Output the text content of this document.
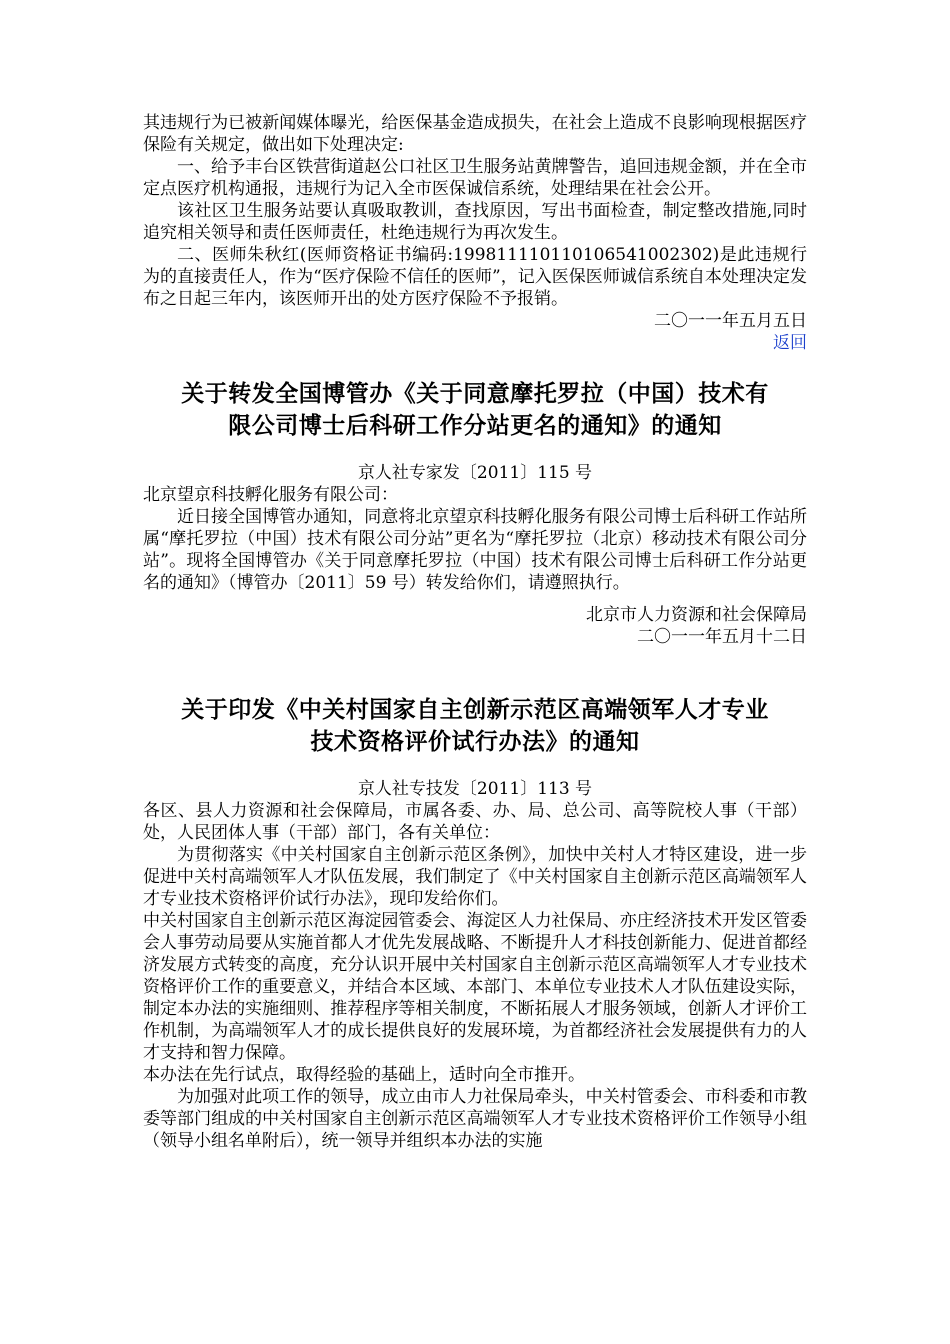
其违规行为已被新闻媒体曝光，给医保基金造成损失，在社会上造成不良影响现根据医疗保险有关规定，做出如下处理决定:

一、给予丰台区铁营街道赵公口社区卫生服务站黄牌警告，追回违规金额，并在全市定点医疗机构通报，违规行为记入全市医保诚信系统，处理结果在社会公开。

该社区卫生服务站要认真吸取教训，查找原因，写出书面检查，制定整改措施,同时追究相关领导和责任医师责任，杜绝违规行为再次发生。

二、医师朱秋红(医师资格证书编码:199811110110106541002302)是此违规行为的直接责任人，作为“医疗保险不信任的医师”，记入医保医师诚信系统自本处理决定发布之日起三年内，该医师开出的处方医疗保险不予报销。

二〇一一年五月五日

返回

关于转发全国博管办《关于同意摩托罗拉（中国）技术有
限公司博士后科研工作分站更名的通知》的通知

京人社专家发〔2011〕115 号

北京望京科技孵化服务有限公司：

近日接全国博管办通知，同意将北京望京科技孵化服务有限公司博士后科研工作站所属“摩托罗拉（中国）技术有限公司分站”更名为“摩托罗拉（北京）移动技术有限公司分站”。现将全国博管办《关于同意摩托罗拉（中国）技术有限公司博士后科研工作分站更名的通知》（博管办〔2011〕59 号）转发给你们，请遵照执行。

北京市人力资源和社会保障局

二〇一一年五月十二日

关于印发《中关村国家自主创新示范区高端领军人才专业
技术资格评价试行办法》的通知

京人社专技发〔2011〕113 号

各区、县人力资源和社会保障局，市属各委、办、局、总公司、高等院校人事（干部）处，人民团体人事（干部）部门，各有关单位：

为贯彻落实《中关村国家自主创新示范区条例》，加快中关村人才特区建设，进一步促进中关村高端领军人才队伍发展，我们制定了《中关村国家自主创新示范区高端领军人才专业技术资格评价试行办法》，现印发给你们。

中关村国家自主创新示范区海淀园管委会、海淀区人力社保局、亦庄经济技术开发区管委会人事劳动局要从实施首都人才优先发展战略、不断提升人才科技创新能力、促进首都经济发展方式转变的高度，充分认识开展中关村国家自主创新示范区高端领军人才专业技术资格评价工作的重要意义，并结合本区域、本部门、本单位专业技术人才队伍建设实际，制定本办法的实施细则、推荐程序等相关制度，不断拓展人才服务领域，创新人才评价工作机制，为高端领军人才的成长提供良好的发展环境，为首都经济社会发展提供有力的人才支持和智力保障。

本办法在先行试点，取得经验的基础上，适时向全市推开。

为加强对此项工作的领导，成立由市人力社保局牵头，中关村管委会、市科委和市教委等部门组成的中关村国家自主创新示范区高端领军人才专业技术资格评价工作领导小组（领导小组名单附后），统一领导并组织本办法的实施
